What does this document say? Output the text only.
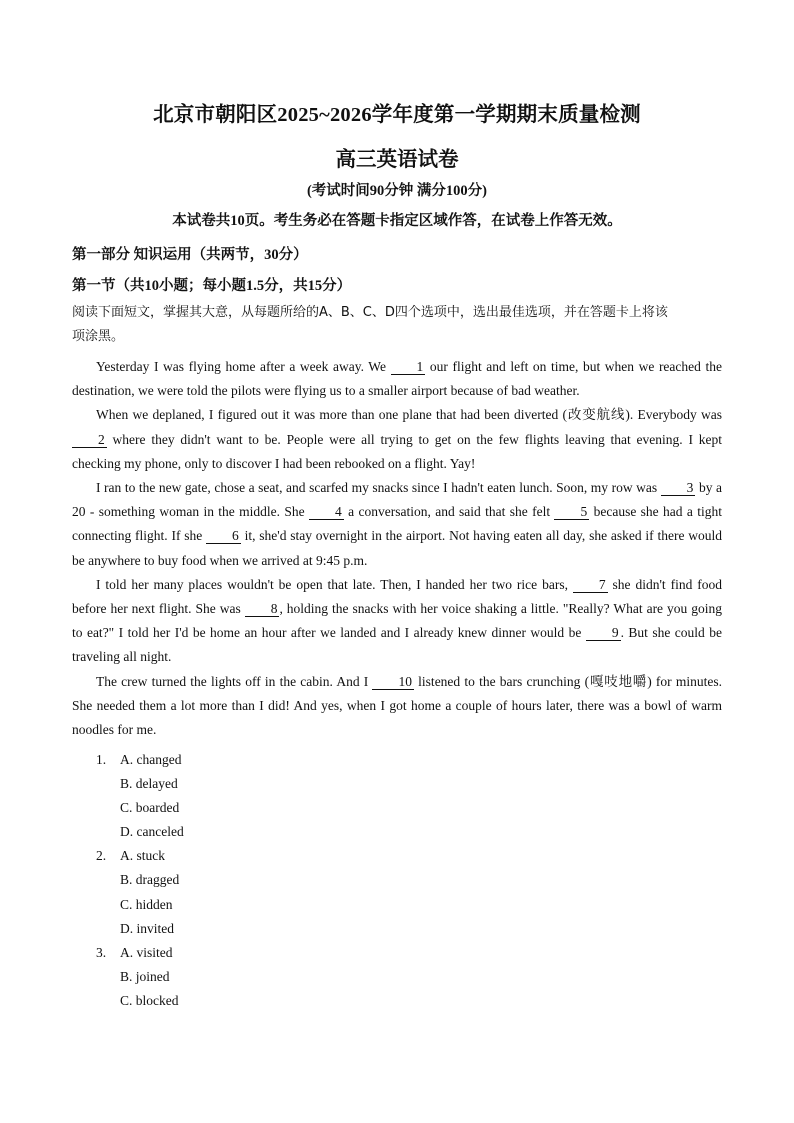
北京市朝阳区2025~2026学年度第一学期期末质量检测
高三英语试卷
(考试时间90分钟 满分100分)
本试卷共10页。考生务必在答题卡指定区域作答，在试卷上作答无效。
第一部分 知识运用（共两节，30分）
第一节（共10小题；每小题1.5分，共15分）
阅读下面短文，掌握其大意，从每题所给的A、B、C、D四个选项中，选出最佳选项，并在答题卡上将该
项涂黑。

Yesterday I was flying home after a week away. We 1 our flight and left on time, but when we reached the destination, we were told the pilots were flying us to a smaller airport because of bad weather.

When we deplaned, I figured out it was more than one plane that had been diverted (改变航线). Everybody was 2 where they didn't want to be. People were all trying to get on the few flights leaving that evening. I kept checking my phone, only to discover I had been rebooked on a flight. Yay!

I ran to the new gate, chose a seat, and scarfed my snacks since I hadn't eaten lunch. Soon, my row was 3 by a 20 - something woman in the middle. She 4 a conversation, and said that she felt 5 because she had a tight connecting flight. If she 6 it, she'd stay overnight in the airport. Not having eaten all day, she asked if there would be anywhere to buy food when we arrived at 9:45 p.m.

I told her many places wouldn't be open that late. Then, I handed her two rice bars, 7 she didn't find food before her next flight. She was 8 , holding the snacks with her voice shaking a little. "Really? What are you going to eat?" I told her I'd be home an hour after we landed and I already knew dinner would be 9 . But she could be traveling all night.

The crew turned the lights off in the cabin. And I 10 listened to the bars crunching (嘎吱地嚼) for minutes. She needed them a lot more than I did! And yes, when I got home a couple of hours later, there was a bowl of warm noodles for me.

1.	A. changed
B. delayed
C. boarded
D. canceled
2.	A. stuck
B. dragged
C. hidden
D. invited
3.	A. visited
B. joined
C. blocked
